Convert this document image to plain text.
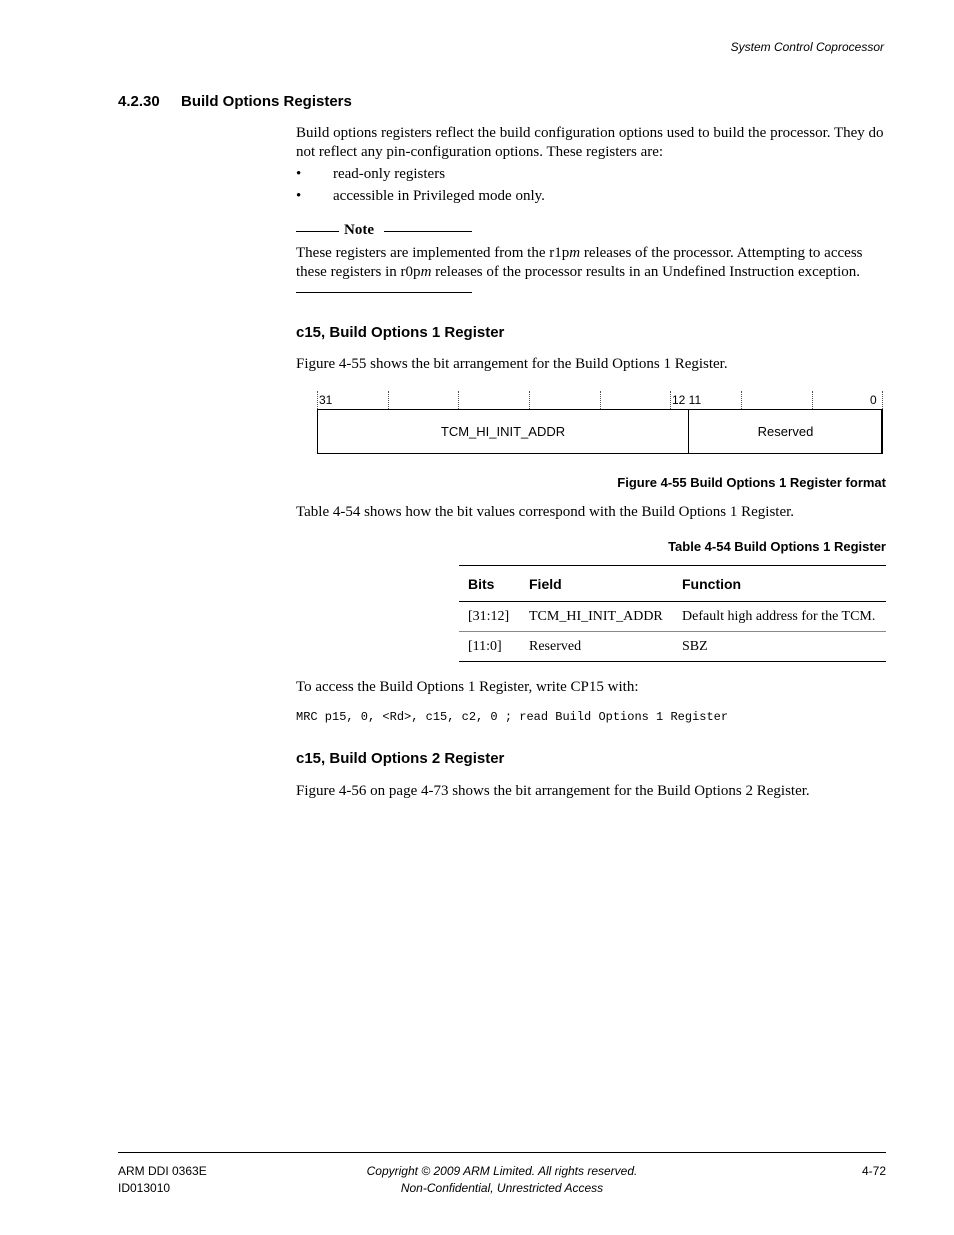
System Control Coprocessor
4.2.30 Build Options Registers
Build options registers reflect the build configuration options used to build the processor. They do not reflect any pin-configuration options. These registers are:
• read-only registers
• accessible in Privileged mode only.
Note
These registers are implemented from the r1pm releases of the processor. Attempting to access these registers in r0pm releases of the processor results in an Undefined Instruction exception.
c15, Build Options 1 Register
Figure 4-55 shows the bit arrangement for the Build Options 1 Register.
31	12 11	0
TCM_HI_INIT_ADDR	Reserved
Figure 4-55 Build Options 1 Register format
Table 4-54 shows how the bit values correspond with the Build Options 1 Register.
Table 4-54 Build Options 1 Register
Bits	Field	Function
[31:12]	TCM_HI_INIT_ADDR	Default high address for the TCM.
[11:0]	Reserved	SBZ
To access the Build Options 1 Register, write CP15 with:
MRC p15, 0, <Rd>, c15, c2, 0 ; read Build Options 1 Register
c15, Build Options 2 Register
Figure 4-56 on page 4-73 shows the bit arrangement for the Build Options 2 Register.
ARM DDI 0363E
ID013010
Copyright © 2009 ARM Limited. All rights reserved.
Non-Confidential, Unrestricted Access
4-72
